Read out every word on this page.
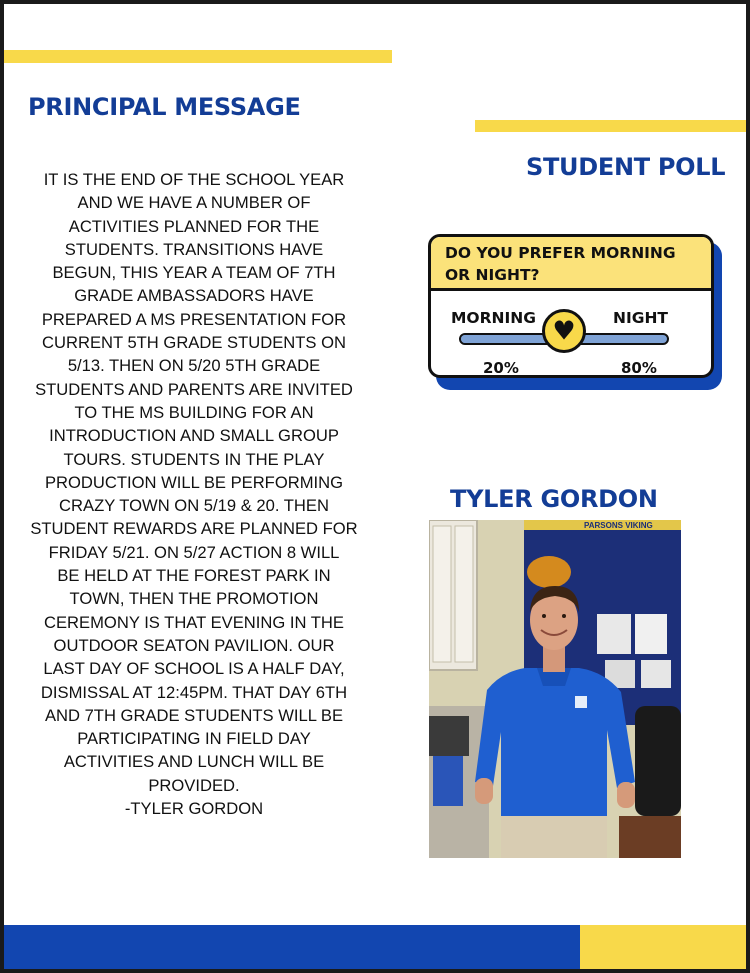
PRINCIPAL MESSAGE

IT IS THE END OF THE SCHOOL YEAR

AND WE HAVE A NUMBER OF

ACTIVITIES PLANNED FOR THE

STUDENTS. TRANSITIONS HAVE

BEGUN, THIS YEAR A TEAM OF 7TH

GRADE AMBASSADORS HAVE

PREPARED A MS PRESENTATION FOR

CURRENT 5TH GRADE STUDENTS ON

5/13. THEN ON 5/20 5TH GRADE

STUDENTS AND PARENTS ARE INVITED

TO THE MS BUILDING FOR AN

INTRODUCTION AND SMALL GROUP

TOURS. STUDENTS IN THE PLAY

PRODUCTION WILL BE PERFORMING

CRAZY TOWN ON 5/19 & 20. THEN

STUDENT REWARDS ARE PLANNED FOR

FRIDAY 5/21. ON 5/27 ACTION 8 WILL

BE HELD AT THE FOREST PARK IN

TOWN, THEN THE PROMOTION

CEREMONY IS THAT EVENING IN THE

OUTDOOR SEATON PAVILION. OUR

LAST DAY OF SCHOOL IS A HALF DAY,

DISMISSAL AT 12:45PM. THAT DAY 6TH

AND 7TH GRADE STUDENTS WILL BE

PARTICIPATING IN FIELD DAY

ACTIVITIES AND LUNCH WILL BE

PROVIDED.

-TYLER GORDON

STUDENT POLL
DO YOU PREFER MORNING OR NIGHT?
MORNING	NIGHT
♥
20%	80%
TYLER GORDON
PARSONS VIKING
